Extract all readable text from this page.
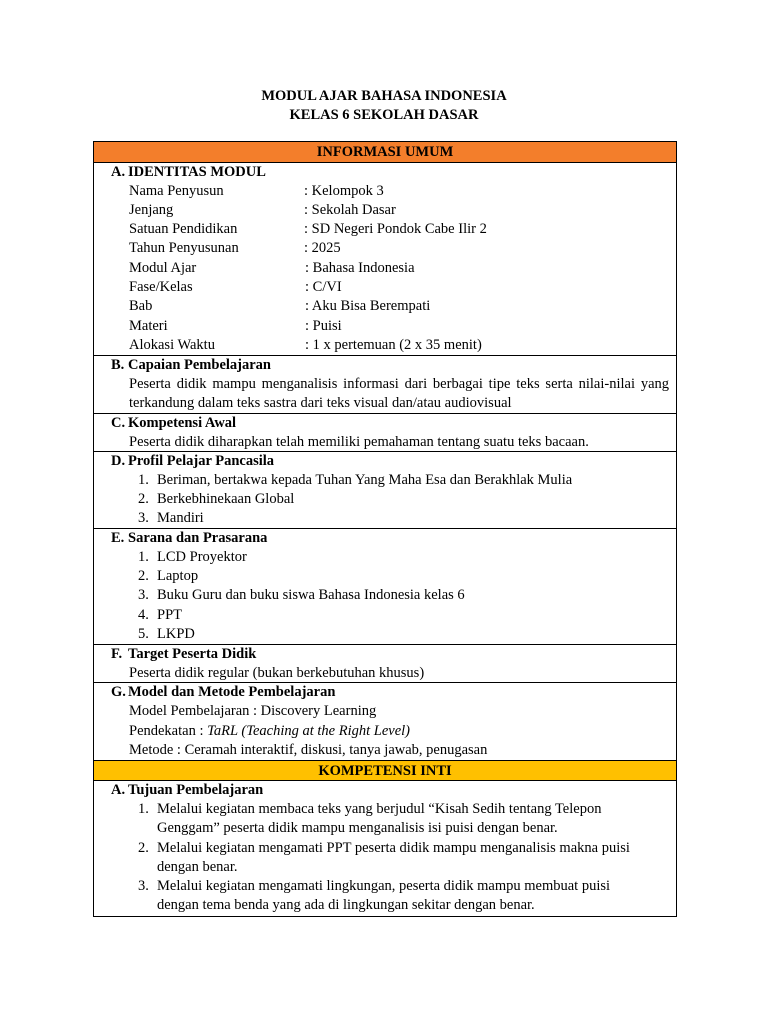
MODUL AJAR BAHASA INDONESIA
KELAS 6 SEKOLAH DASAR
INFORMASI UMUM
A. IDENTITAS MODUL
Nama Penyusun	: Kelompok 3
Jenjang	: Sekolah Dasar
Satuan Pendidikan	: SD Negeri Pondok Cabe Ilir 2
Tahun Penyusunan	: 2025
Modul Ajar	: Bahasa Indonesia
Fase/Kelas	: C/VI
Bab	: Aku Bisa Berempati
Materi	: Puisi
Alokasi Waktu	: 1 x pertemuan (2 x 35 menit)
B. Capaian Pembelajaran
Peserta didik mampu menganalisis informasi dari berbagai tipe teks serta nilai-nilai yang terkandung dalam teks sastra dari teks visual dan/atau audiovisual
C. Kompetensi Awal
Peserta didik diharapkan telah memiliki pemahaman tentang suatu teks bacaan.
D. Profil Pelajar Pancasila
1. Beriman, bertakwa kepada Tuhan Yang Maha Esa dan Berakhlak Mulia
2. Berkebhinekaan Global
3. Mandiri
E. Sarana dan Prasarana
1. LCD Proyektor
2. Laptop
3. Buku Guru dan buku siswa Bahasa Indonesia kelas 6
4. PPT
5. LKPD
F. Target Peserta Didik
Peserta didik regular (bukan berkebutuhan khusus)
G. Model dan Metode Pembelajaran
Model Pembelajaran : Discovery Learning
Pendekatan : TaRL (Teaching at the Right Level)
Metode : Ceramah interaktif, diskusi, tanya jawab, penugasan
KOMPETENSI INTI
A. Tujuan Pembelajaran
1. Melalui kegiatan membaca teks yang berjudul “Kisah Sedih tentang Telepon
Genggam” peserta didik mampu menganalisis isi puisi dengan benar.
2. Melalui kegiatan mengamati PPT peserta didik mampu menganalisis makna puisi
dengan benar.
3. Melalui kegiatan mengamati lingkungan, peserta didik mampu membuat puisi
dengan tema benda yang ada di lingkungan sekitar dengan benar.
